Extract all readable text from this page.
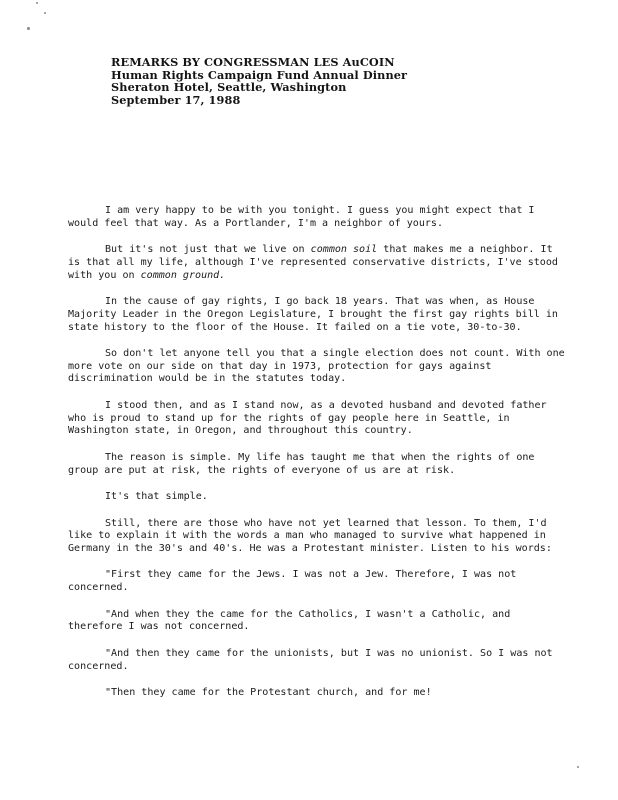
REMARKS BY CONGRESSMAN LES AuCOIN
Human Rights Campaign Fund Annual Dinner
Sheraton Hotel, Seattle, Washington
September 17, 1988

I am very happy to be with you tonight. I guess you might expect that I would feel that way. As a Portlander, I'm a neighbor of yours.

But it's not just that we live on common soil that makes me a neighbor. It is that all my life, although I've represented conservative districts, I've stood with you on common ground.

In the cause of gay rights, I go back 18 years. That was when, as House Majority Leader in the Oregon Legislature, I brought the first gay rights bill in state history to the floor of the House. It failed on a tie vote, 30-to-30.

So don't let anyone tell you that a single election does not count. With one more vote on our side on that day in 1973, protection for gays against discrimination would be in the statutes today.

I stood then, and as I stand now, as a devoted husband and devoted father who is proud to stand up for the rights of gay people here in Seattle, in Washington state, in Oregon, and throughout this country.

The reason is simple. My life has taught me that when the rights of one group are put at risk, the rights of everyone of us are at risk.

It's that simple.

Still, there are those who have not yet learned that lesson. To them, I'd like to explain it with the words a man who managed to survive what happened in Germany in the 30's and 40's. He was a Protestant minister. Listen to his words:

"First they came for the Jews. I was not a Jew. Therefore, I was not concerned.

"And when they the came for the Catholics, I wasn't a Catholic, and therefore I was not concerned.

"And then they came for the unionists, but I was no unionist. So I was not concerned.

"Then they came for the Protestant church, and for me!
